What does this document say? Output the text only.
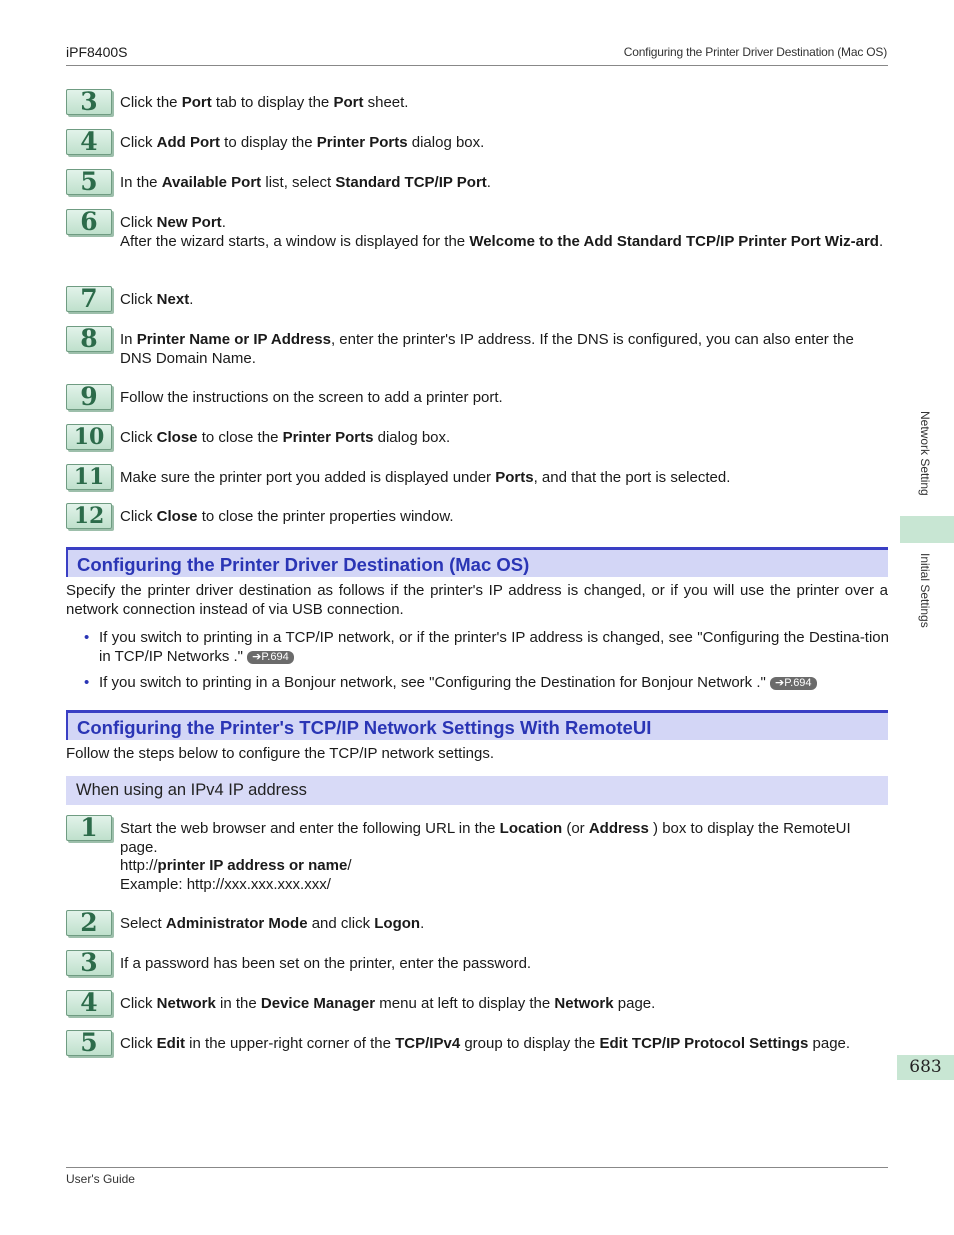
iPF8400S	Configuring the Printer Driver Destination (Mac OS)
3	Click the Port tab to display the Port sheet.

4	Click Add Port to display the Printer Ports dialog box.

5	In the Available Port list, select Standard TCP/IP Port.

6	Click New Port.

After the wizard starts, a window is displayed for the Welcome to the Add Standard TCP/IP Printer Port Wiz-ard.

7	Click Next.

8	In Printer Name or IP Address, enter the printer's IP address. If the DNS is configured, you can also enter the DNS Domain Name.

9	Follow the instructions on the screen to add a printer port.

10	Click Close to close the Printer Ports dialog box.

11	Make sure the printer port you added is displayed under Ports, and that the port is selected.

12	Click Close to close the printer properties window.

Configuring the Printer Driver Destination (Mac OS)
Specify the printer driver destination as follows if the printer's IP address is changed, or if you will use the printer over a network connection instead of via USB connection.
• If you switch to printing in a TCP/IP network, or if the printer's IP address is changed, see "Configuring the Destina-tion in TCP/IP Networks ." ➔P.694
• If you switch to printing in a Bonjour network, see "Configuring the Destination for Bonjour Network ." ➔P.694
Configuring the Printer's TCP/IP Network Settings With RemoteUI
Follow the steps below to configure the TCP/IP network settings.
When using an IPv4 IP address
1	Start the web browser and enter the following URL in the Location (or Address ) box to display the RemoteUI page.

http://printer IP address or name/

Example: http://xxx.xxx.xxx.xxx/

2	Select Administrator Mode and click Logon.

3	If a password has been set on the printer, enter the password.

4	Click Network in the Device Manager menu at left to display the Network page.

5	Click Edit in the upper-right corner of the TCP/IPv4 group to display the Edit TCP/IP Protocol Settings page.

Network Setting
Initial Settings
683
User's Guide
